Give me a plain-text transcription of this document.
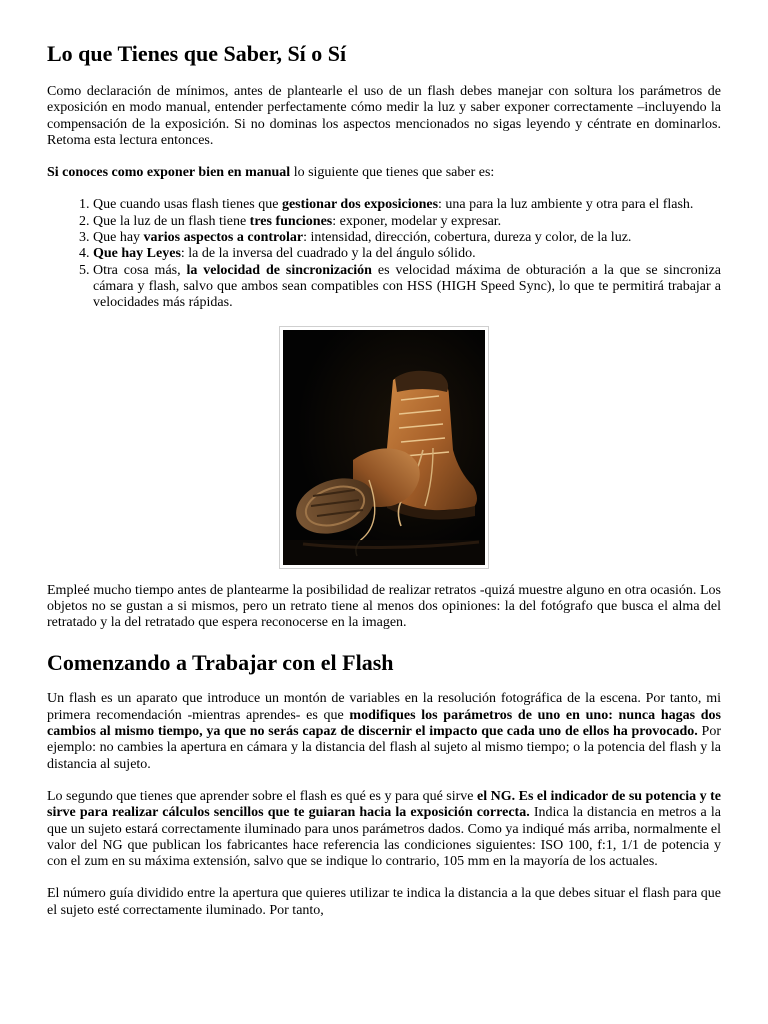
Lo que Tienes que Saber, Sí o Sí

Como declaración de mínimos, antes de plantearle el uso de un flash debes manejar con soltura los parámetros de exposición en modo manual, entender perfectamente cómo medir la luz y saber exponer correctamente –incluyendo la compensación de la exposición. Si no dominas los aspectos mencionados no sigas leyendo y céntrate en dominarlos. Retoma esta lectura entonces.

Si conoces como exponer bien en manual lo siguiente que tienes que saber es:

1. Que cuando usas flash tienes que gestionar dos exposiciones: una para la luz ambiente y otra para el flash.
2. Que la luz de un flash tiene tres funciones: exponer, modelar y expresar.
3. Que hay varios aspectos a controlar: intensidad, dirección, cobertura, dureza y color, de la luz.
4. Que hay Leyes: la de la inversa del cuadrado y la del ángulo sólido.
5. Otra cosa más, la velocidad de sincronización es velocidad máxima de obturación a la que se sincroniza cámara y flash, salvo que ambos sean compatibles con HSS (HIGH Speed Sync), lo que te permitirá trabajar a velocidades más rápidas.

Empleé mucho tiempo antes de plantearme la posibilidad de realizar retratos -quizá muestre alguno en otra ocasión. Los objetos no se gustan a si mismos, pero un retrato tiene al menos dos opiniones: la del fotógrafo que busca el alma del retratado y la del retratado que espera reconocerse en la imagen.

Comenzando a Trabajar con el Flash

Un flash es un aparato que introduce un montón de variables en la resolución fotográfica de la escena. Por tanto, mi primera recomendación -mientras aprendes- es que modifiques los parámetros de uno en uno: nunca hagas dos cambios al mismo tiempo, ya que no serás capaz de discernir el impacto que cada uno de ellos ha provocado. Por ejemplo: no cambies la apertura en cámara y la distancia del flash al sujeto al mismo tiempo; o la potencia del flash y la distancia al sujeto.

Lo segundo que tienes que aprender sobre el flash es qué es y para qué sirve el NG. Es el indicador de su potencia y te sirve para realizar cálculos sencillos que te guiaran hacia la exposición correcta. Indica la distancia en metros a la que un sujeto estará correctamente iluminado para unos parámetros dados. Como ya indiqué más arriba, normalmente el valor del NG que publican los fabricantes hace referencia las condiciones siguientes: ISO 100, f:1, 1/1 de potencia y con el zum en su máxima extensión, salvo que se indique lo contrario, 105 mm en la mayoría de los actuales.

El número guía dividido entre la apertura que quieres utilizar te indica la distancia a la que debes situar el flash para que el sujeto esté correctamente iluminado. Por tanto,
